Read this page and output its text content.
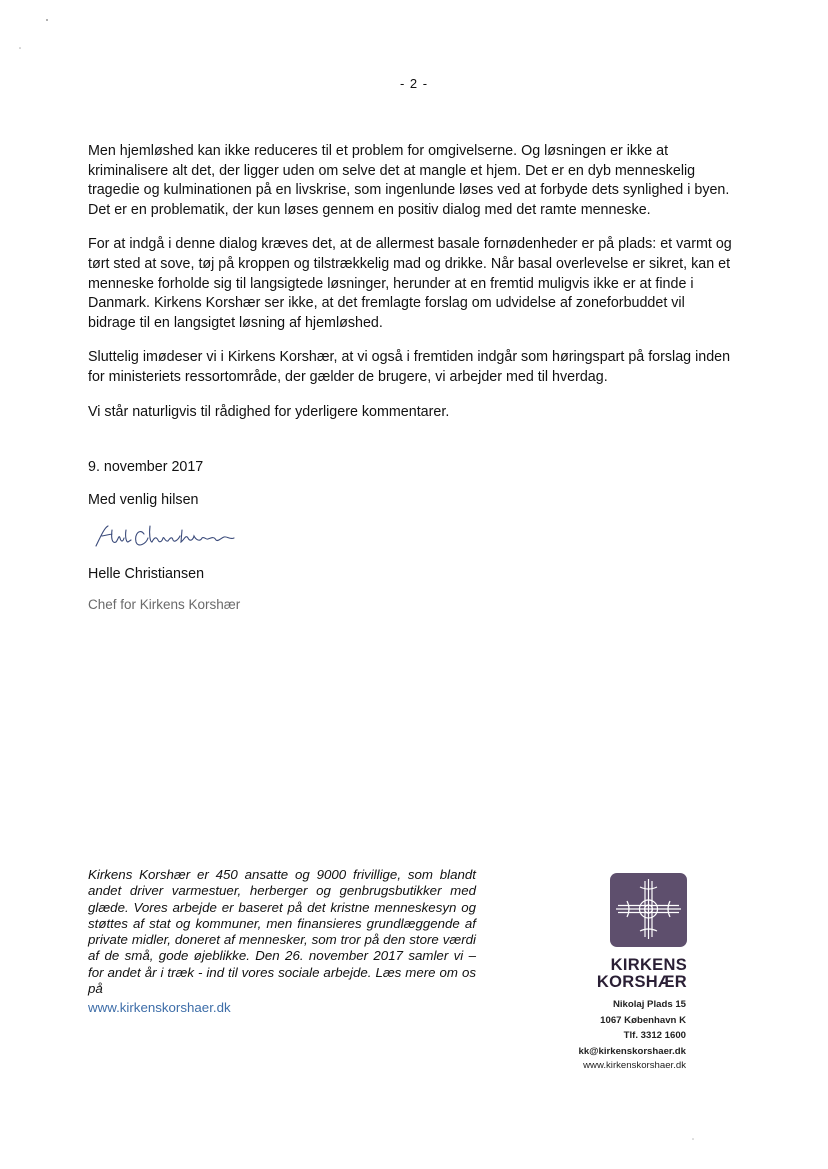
- 2 -

Men hjemløshed kan ikke reduceres til et problem for omgivelserne. Og løsningen er ikke at kriminalisere alt det, der ligger uden om selve det at mangle et hjem. Det er en dyb menneskelig tragedie og kulminationen på en livskrise, som ingenlunde løses ved at forbyde dets synlighed i byen. Det er en problematik, der kun løses gennem en positiv dialog med det ramte menneske.

For at indgå i denne dialog kræves det, at de allermest basale fornødenheder er på plads: et varmt og tørt sted at sove, tøj på kroppen og tilstrækkelig mad og drikke. Når basal overlevelse er sikret, kan et menneske forholde sig til langsigtede løsninger, herunder at en fremtid muligvis ikke er at finde i Danmark. Kirkens Korshær ser ikke, at det fremlagte forslag om udvidelse af zoneforbuddet vil bidrage til en langsigtet løsning af hjemløshed.

Sluttelig imødeser vi i Kirkens Korshær, at vi også i fremtiden indgår som høringspart på forslag inden for ministeriets ressortområde, der gælder de brugere, vi arbejder med til hverdag.

Vi står naturligvis til rådighed for yderligere kommentarer.

9. november 2017
Med venlig hilsen
Helle Christiansen
Chef for Kirkens Korshær
Kirkens Korshær er 450 ansatte og 9000 frivillige, som blandt andet driver varmestuer, herberger og genbrugsbutikker med glæde. Vores arbejde er baseret på det kristne menneskesyn og støttes af stat og kommuner, men finansieres grundlæggende af private midler, doneret af mennesker, som tror på den store værdi af de små, gode øjeblikke. Den 26. november 2017 samler vi – for andet år i træk - ind til vores sociale arbejde. Læs mere om os på
www.kirkenskorshaer.dk
KIRKENS
KORSHÆR
Nikolaj Plads 15
1067 København K
Tlf. 3312 1600
kk@kirkenskorshaer.dk
www.kirkenskorshaer.dk
